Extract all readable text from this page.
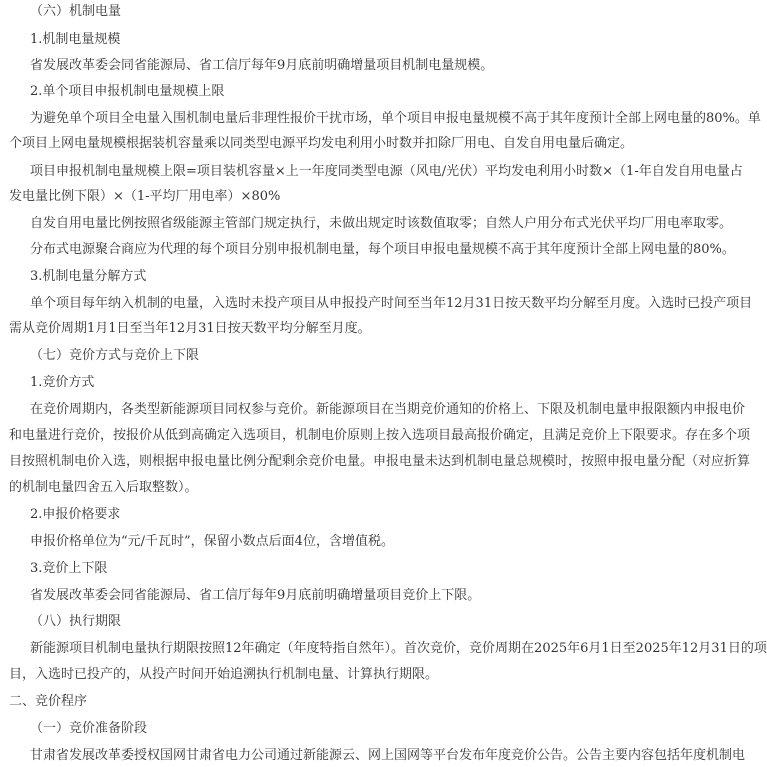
（六）机制电量
1.机制电量规模
省发展改革委会同省能源局、省工信厅每年9月底前明确增量项目机制电量规模。
2.单个项目申报机制电量规模上限
为避免单个项目全电量入围机制电量后非理性报价干扰市场，单个项目申报电量规模不高于其年度预计全部上网电量的80%。单
个项目上网电量规模根据装机容量乘以同类型电源平均发电利用小时数并扣除厂用电、自发自用电量后确定。
项目申报机制电量规模上限=项目装机容量×上一年度同类型电源（风电/光伏）平均发电利用小时数×（1-年自发自用电量占
发电量比例下限）×（1-平均厂用电率）×80%
自发自用电量比例按照省级能源主管部门规定执行，未做出规定时该数值取零；自然人户用分布式光伏平均厂用电率取零。
分布式电源聚合商应为代理的每个项目分别申报机制电量，每个项目申报电量规模不高于其年度预计全部上网电量的80%。
3.机制电量分解方式
单个项目每年纳入机制的电量，入选时未投产项目从申报投产时间至当年12月31日按天数平均分解至月度。入选时已投产项目
需从竞价周期1月1日至当年12月31日按天数平均分解至月度。
（七）竞价方式与竞价上下限
1.竞价方式
在竞价周期内，各类型新能源项目同权参与竞价。新能源项目在当期竞价通知的价格上、下限及机制电量申报限额内申报电价
和电量进行竞价，按报价从低到高确定入选项目，机制电价原则上按入选项目最高报价确定，且满足竞价上下限要求。存在多个项
目按照机制电价入选，则根据申报电量比例分配剩余竞价电量。申报电量未达到机制电量总规模时，按照申报电量分配（对应折算
的机制电量四舍五入后取整数）。
2.申报价格要求
申报价格单位为“元/千瓦时”，保留小数点后面4位，含增值税。
3.竞价上下限
省发展改革委会同省能源局、省工信厅每年9月底前明确增量项目竞价上下限。
（八）执行期限
新能源项目机制电量执行期限按照12年确定（年度特指自然年）。首次竞价，竞价周期在2025年6月1日至2025年12月31日的项
目，入选时已投产的，从投产时间开始追溯执行机制电量、计算执行期限。
二、竞价程序
（一）竞价准备阶段
甘肃省发展改革委授权国网甘肃省电力公司通过新能源云、网上国网等平台发布年度竞价公告。公告主要内容包括年度机制电
